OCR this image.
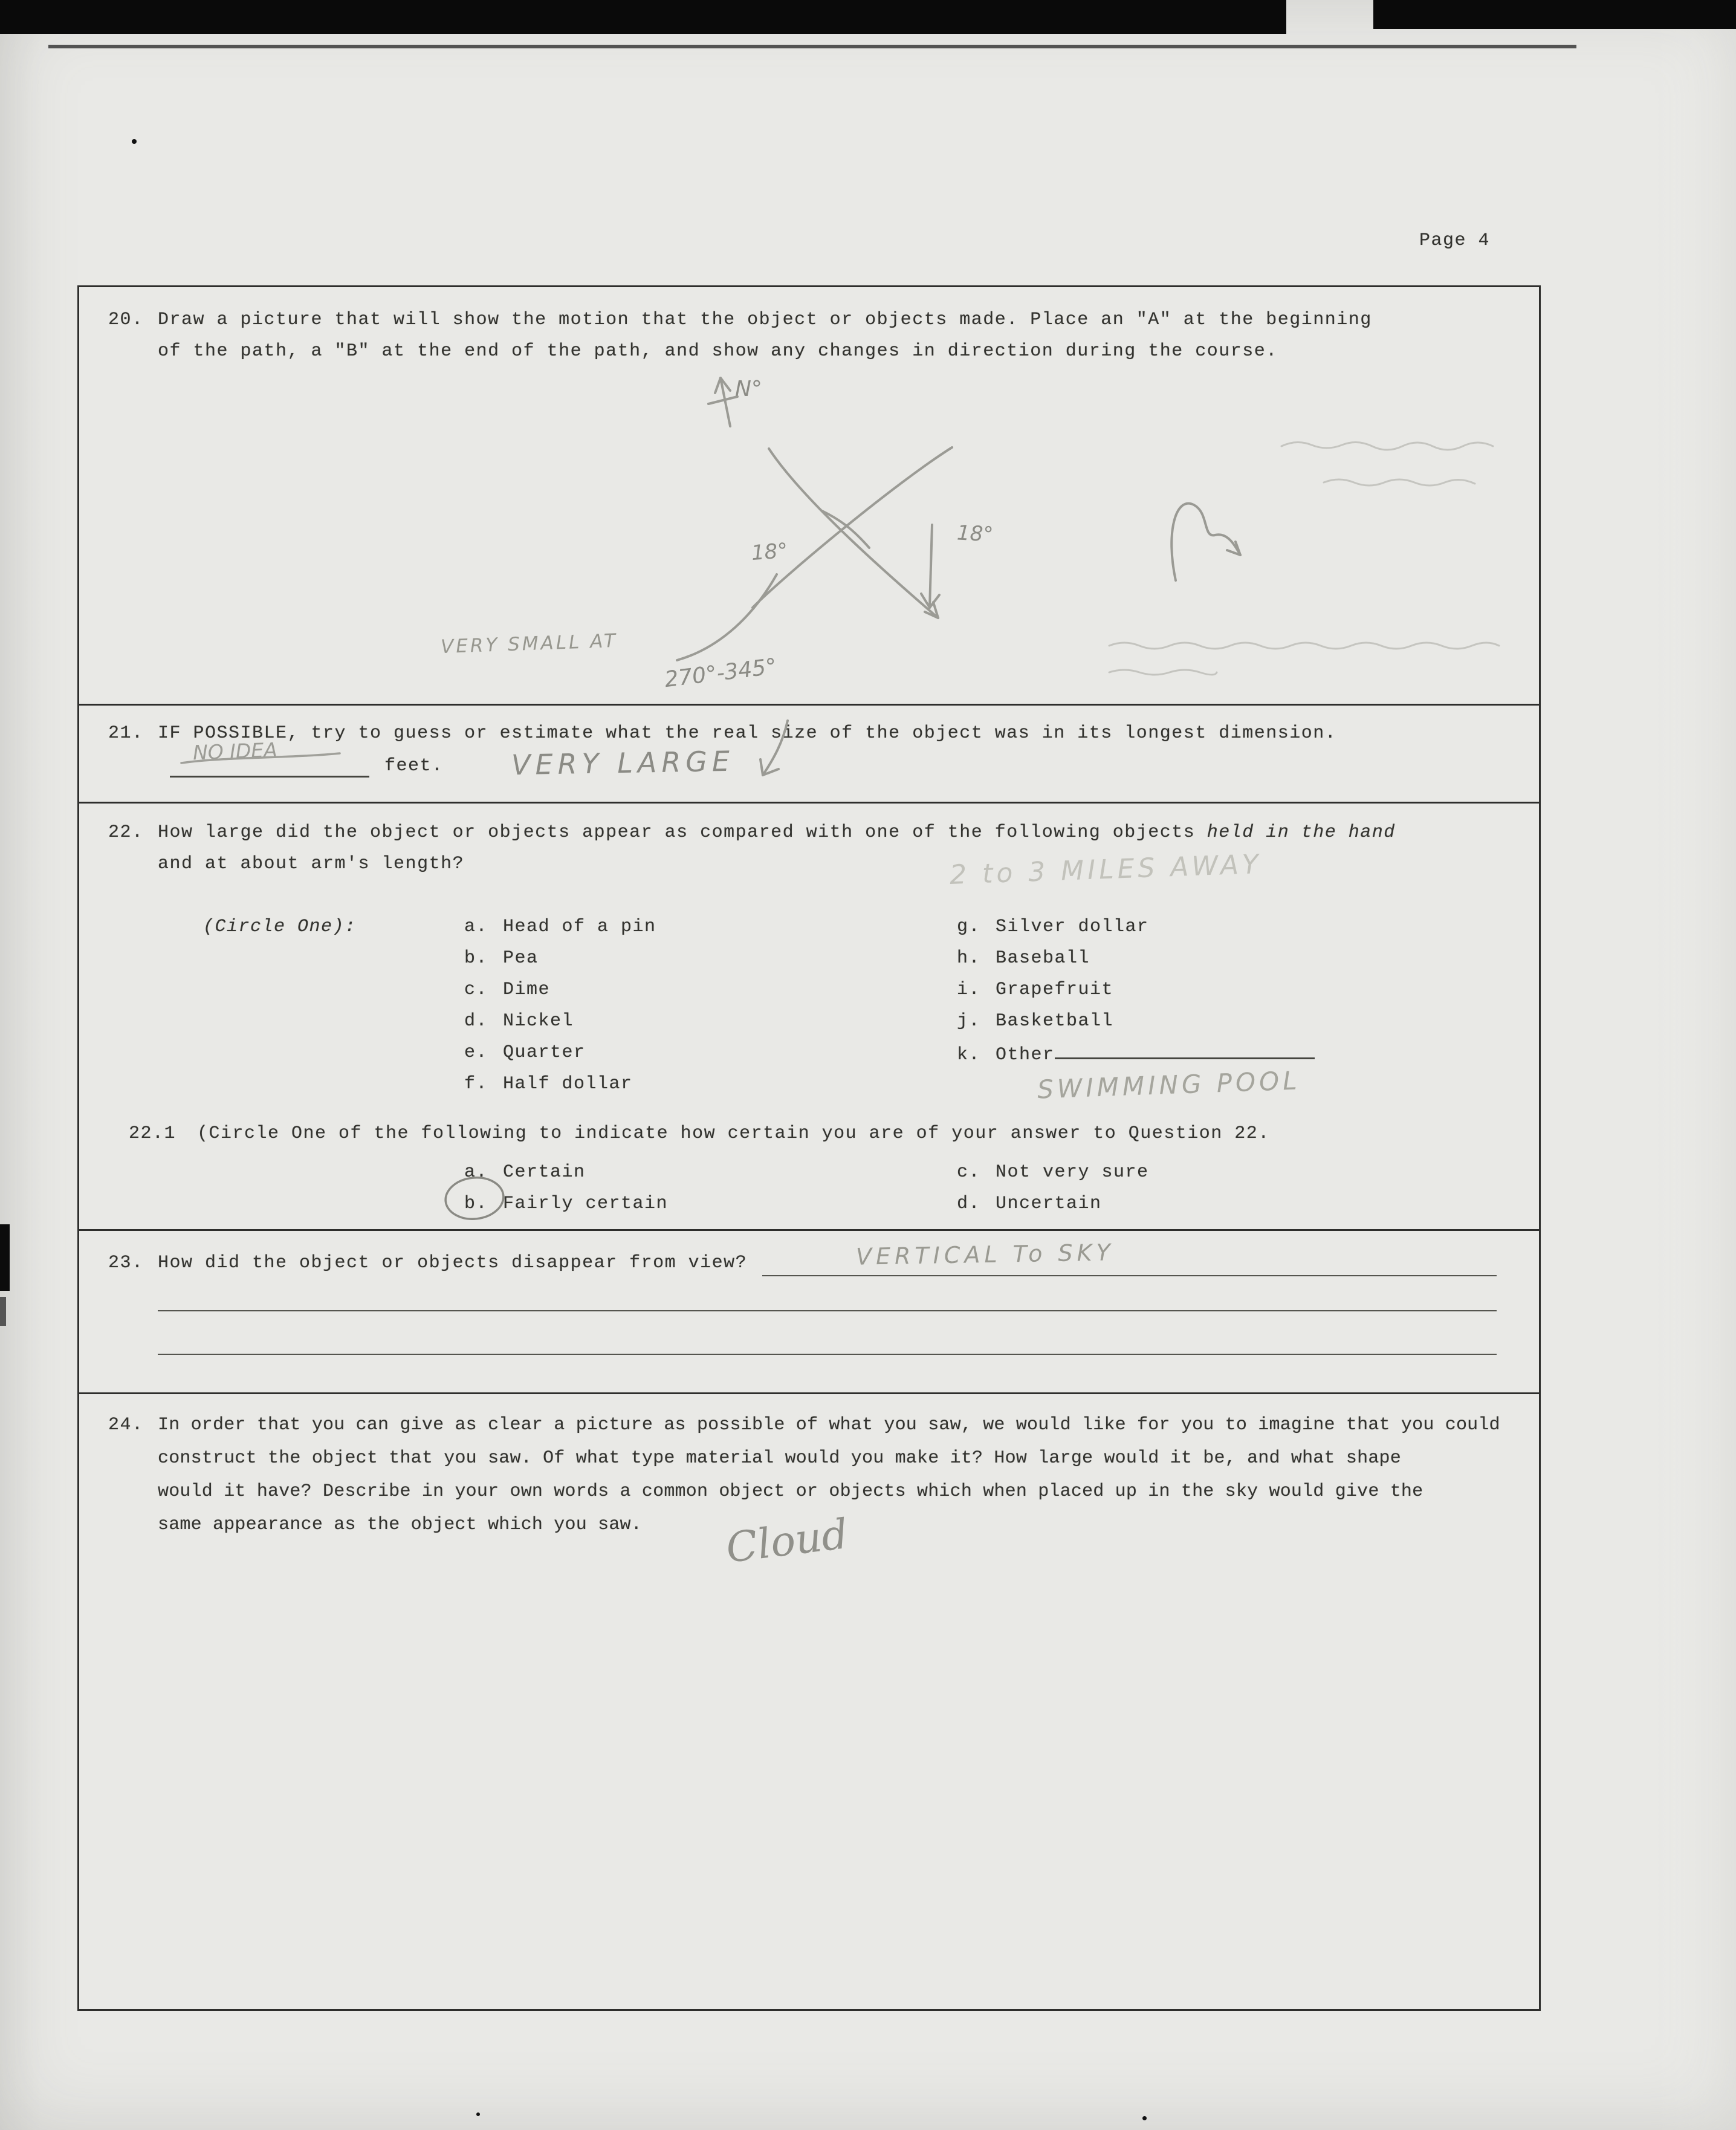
Page 4
20. Draw a picture that will show the motion that the object or objects made. Place an "A" at the beginning
of the path, a "B" at the end of the path, and show any changes in direction during the course.
N°
18°
18°
270°-345°
VERY SMALL AT
21. IF POSSIBLE, try to guess or estimate what the real size of the object was in its longest dimension.
feet.
NO IDEA	VERY LARGE
22. How large did the object or objects appear as compared with one of the following objects held in the hand
and at about arm's length?	2 to 3 MILES AWAY
(Circle One):	a. Head of a pin
b. Pea
c. Dime
d. Nickel
e. Quarter
f. Half dollar
g. Silver dollar
h. Baseball
i. Grapefruit
j. Basketball
k. Other
SWIMMING POOL
22.1 (Circle One of the following to indicate how certain you are of your answer to Question 22.
a. Certain
b. Fairly certain
c. Not very sure
d. Uncertain
23. How did the object or objects disappear from view?	VERTICAL To SKY
24. In order that you can give as clear a picture as possible of what you saw, we would like for you to imagine that you could
construct the object that you saw. Of what type material would you make it? How large would it be, and what shape
would it have? Describe in your own words a common object or objects which when placed up in the sky would give the
same appearance as the object which you saw. Cloud
